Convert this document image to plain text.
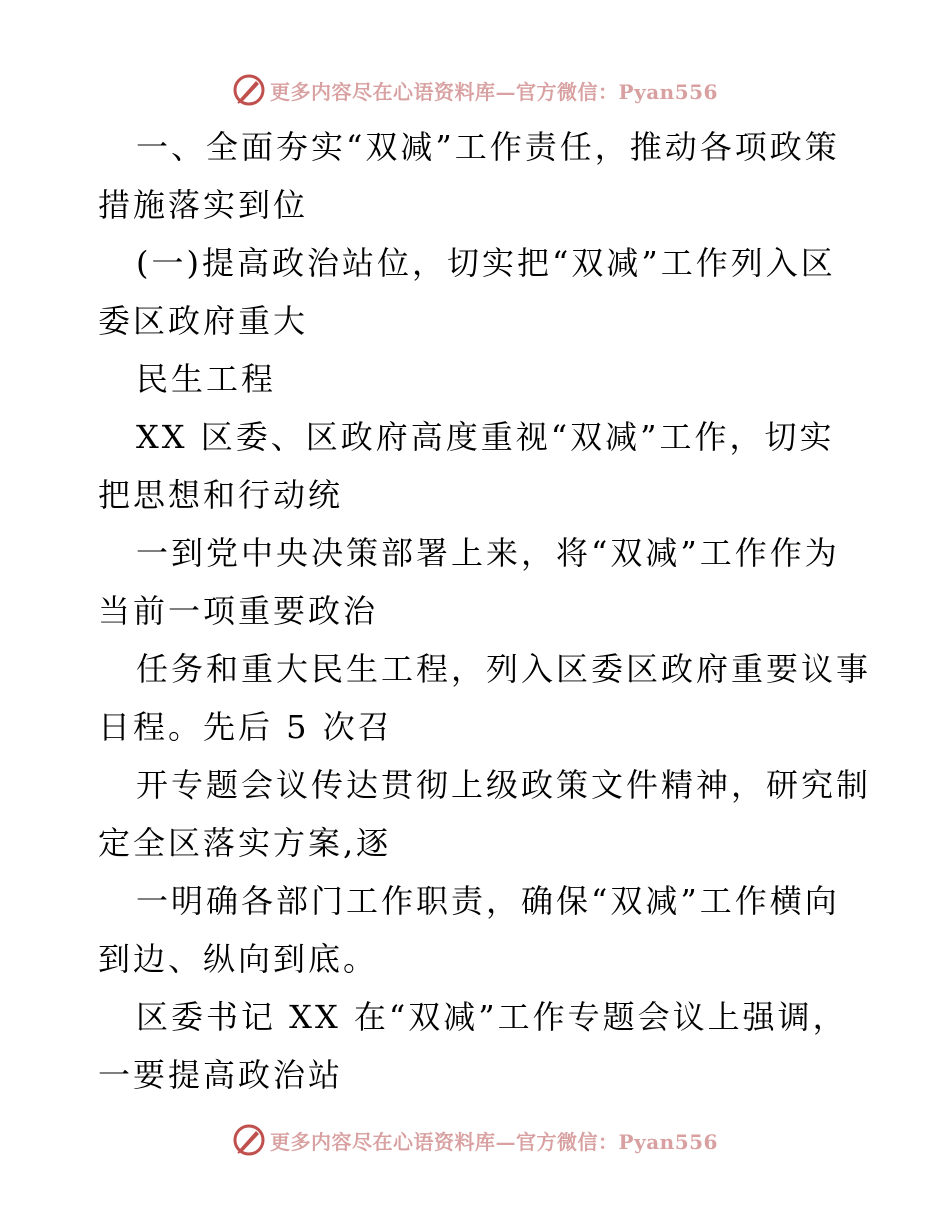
更多内容尽在心语资料库—官方微信：Pyan556
一、全面夯实“双减”工作责任，推动各项政策
措施落实到位
(一)提高政治站位，切实把“双减”工作列入区
委区政府重大
民生工程
XX 区委、区政府高度重视“双减”工作，切实
把思想和行动统
一到党中央决策部署上来，将“双减”工作作为
当前一项重要政治
任务和重大民生工程，列入区委区政府重要议事
日程。先后 5 次召
开专题会议传达贯彻上级政策文件精神，研究制
定全区落实方案,逐
一明确各部门工作职责，确保“双减”工作横向
到边、纵向到底。
区委书记 XX 在“双减”工作专题会议上强调，
一要提高政治站
更多内容尽在心语资料库—官方微信：Pyan556
